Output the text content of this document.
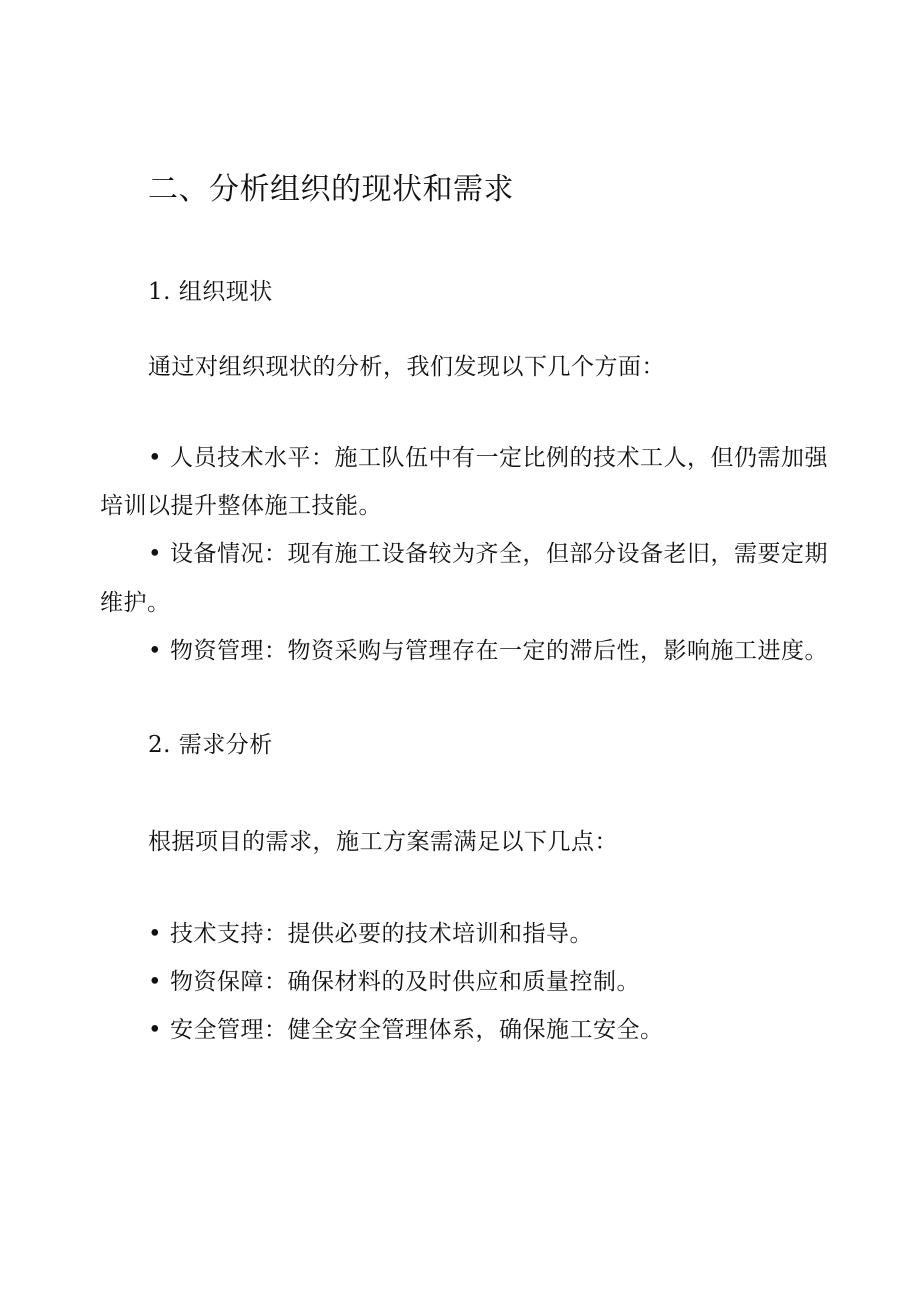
二、分析组织的现状和需求
1. 组织现状
通过对组织现状的分析，我们发现以下几个方面：
• 人员技术水平：施工队伍中有一定比例的技术工人，但仍需加强
培训以提升整体施工技能。
• 设备情况：现有施工设备较为齐全，但部分设备老旧，需要定期
维护。
• 物资管理：物资采购与管理存在一定的滞后性，影响施工进度。
2. 需求分析
根据项目的需求，施工方案需满足以下几点：
• 技术支持：提供必要的技术培训和指导。
• 物资保障：确保材料的及时供应和质量控制。
• 安全管理：健全安全管理体系，确保施工安全。
